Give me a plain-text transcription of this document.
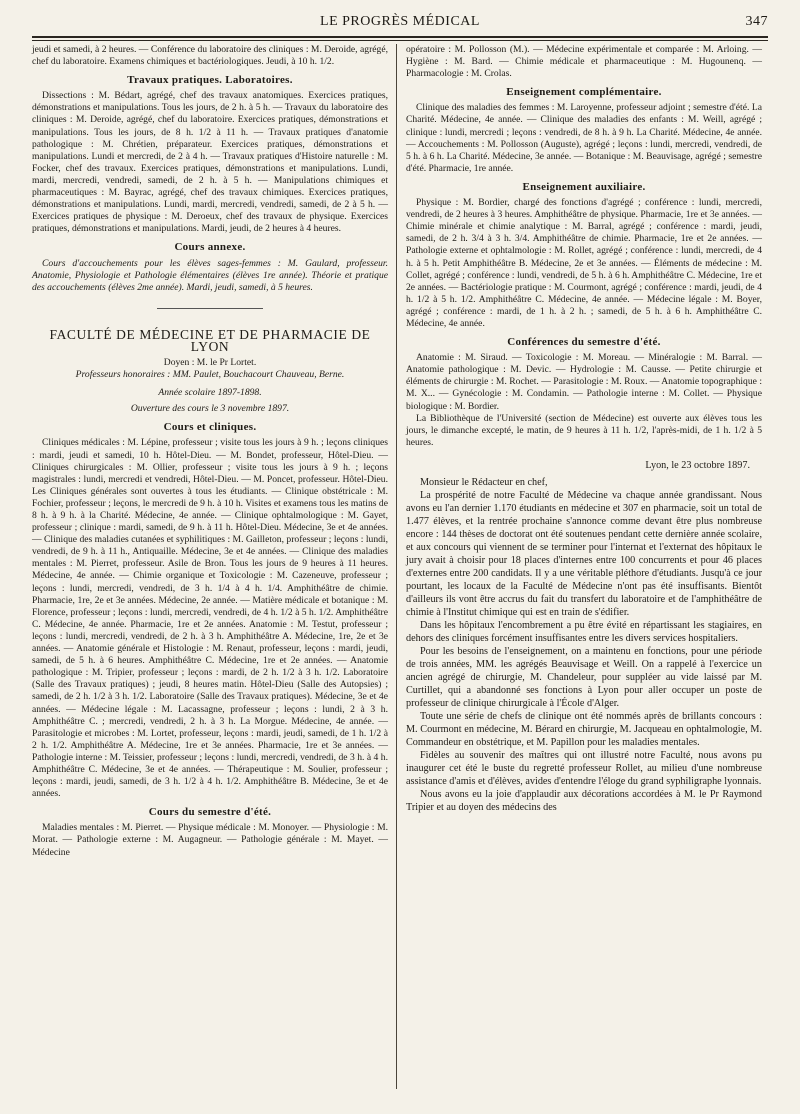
LE PROGRÈS MÉDICAL	347

jeudi et samedi, à 2 heures. — Conférence du laboratoire des cliniques : M. Deroide, agrégé, chef du laboratoire. Examens chimiques et bactériologiques. Jeudi, à 10 h. 1/2.

Travaux pratiques. Laboratoires.

Dissections : M. Bédart, agrégé, chef des travaux anatomiques. Exercices pratiques, démonstrations et manipulations. Tous les jours, de 2 h. à 5 h. — Travaux du laboratoire des cliniques : M. Deroide, agrégé, chef du laboratoire. Exercices pratiques, démonstrations et manipulations. Tous les jours, de 8 h. 1/2 à 11 h. — Travaux pratiques d'anatomie pathologique : M. Chrétien, préparateur. Exercices pratiques, démonstrations et manipulations. Lundi et mercredi, de 2 à 4 h. — Travaux pratiques d'Histoire naturelle : M. Focker, chef des travaux. Exercices pratiques, démonstrations et manipulations. Lundi, mardi, mercredi, vendredi, samedi, de 2 h. à 5 h. — Manipulations chimiques et pharmaceutiques : M. Bayrac, agrégé, chef des travaux chimiques. Exercices pratiques, démonstrations et manipulations. Lundi, mardi, mercredi, vendredi, samedi, de 2 à 5 h. — Exercices pratiques de physique : M. Deroeux, chef des travaux de physique. Exercices pratiques, démonstrations et manipulations. Mardi, jeudi, de 2 heures à 4 heures.

Cours annexe.

Cours d'accouchements pour les élèves sages-femmes : M. Gaulard, professeur. Anatomie, Physiologie et Pathologie élémentaires (élèves 1re année). Théorie et pratique des accouchements (élèves 2me année). Mardi, jeudi, samedi, à 5 heures.

FACULTÉ DE MÉDECINE ET DE PHARMACIE DE LYON

Doyen : M. le Pr Lortet.

Professeurs honoraires : MM. Paulet, Bouchacourt Chauveau, Berne.

Année scolaire 1897-1898.

Ouverture des cours le 3 novembre 1897.

Cours et cliniques.

Cliniques médicales : M. Lépine, professeur ; visite tous les jours à 9 h. ; leçons cliniques : mardi, jeudi et samedi, 10 h. Hôtel-Dieu. — M. Bondet, professeur, Hôtel-Dieu. — Cliniques chirurgicales : M. Ollier, professeur ; visite tous les jours à 9 h. ; leçons magistrales : lundi, mercredi et vendredi, Hôtel-Dieu. — M. Poncet, professeur. Hôtel-Dieu. Les Cliniques générales sont ouvertes à tous les étudiants. — Clinique obstétricale : M. Fochier, professeur ; leçons, le mercredi de 9 h. à 10 h. Visites et examens tous les matins de 8 h. à 9 h. à la Charité. Médecine, 4e année. — Clinique ophtalmologique : M. Gayet, professeur ; clinique : mardi, samedi, de 9 h. à 11 h. Hôtel-Dieu. Médecine, 3e et 4e années. — Clinique des maladies cutanées et syphilitiques : M. Gailleton, professeur ; leçons : lundi, vendredi, de 9 h. à 11 h., Antiquaille. Médecine, 3e et 4e années. — Clinique des maladies mentales : M. Pierret, professeur. Asile de Bron. Tous les jours de 9 heures à 11 heures. Médecine, 4e année. — Chimie organique et Toxicologie : M. Cazeneuve, professeur ; leçons : lundi, mercredi, vendredi, de 3 h. 1/4 à 4 h. 1/4. Amphithéâtre de chimie. Pharmacie, 1re, 2e et 3e années. Médecine, 2e année. — Matière médicale et botanique : M. Florence, professeur ; leçons : lundi, mercredi, vendredi, de 4 h. 1/2 à 5 h. 1/2. Amphithéâtre C. Médecine, 4e année. Pharmacie, 1re et 2e années. Anatomie : M. Testut, professeur ; leçons : lundi, mercredi, vendredi, de 2 h. à 3 h. Amphithéâtre A. Médecine, 1re, 2e et 3e années. — Anatomie générale et Histologie : M. Renaut, professeur, leçons : mardi, jeudi, samedi, de 5 h. à 6 heures. Amphithéâtre C. Médecine, 1re et 2e années. — Anatomie pathologique : M. Tripier, professeur ; leçons : mardi, de 2 h. 1/2 à 3 h. 1/2. Laboratoire (Salle des Travaux pratiques) ; jeudi, 8 heures matin. Hôtel-Dieu (Salle des Autopsies) ; samedi, de 2 h. 1/2 à 3 h. 1/2. Laboratoire (Salle des Travaux pratiques). Médecine, 3e et 4e années. — Médecine légale : M. Lacassagne, professeur ; leçons : lundi, 2 à 3 h. Amphithéâtre C. ; mercredi, vendredi, 2 h. à 3 h. La Morgue. Médecine, 4e année. — Parasitologie et microbes : M. Lortet, professeur, leçons : mardi, jeudi, samedi, de 1 h. 1/2 à 2 h. 1/2. Amphithéâtre A. Médecine, 1re et 3e années. Pharmacie, 1re et 3e années. — Pathologie interne : M. Teissier, professeur ; leçons : lundi, mercredi, vendredi, de 3 h. à 4 h. Amphithéâtre C. Médecine, 3e et 4e années. — Thérapeutique : M. Soulier, professeur ; leçons : mardi, jeudi, samedi, de 3 h. 1/2 à 4 h. 1/2. Amphithéâtre B. Médecine, 3e et 4e années.

Cours du semestre d'été.

Maladies mentales : M. Pierret. — Physique médicale : M. Monoyer. — Physiologie : M. Morat. — Pathologie externe : M. Augagneur. — Pathologie générale : M. Mayet. — Médecine

opératoire : M. Pollosson (M.). — Médecine expérimentale et comparée : M. Arloing. — Hygiène : M. Bard. — Chimie médicale et pharmaceutique : M. Hugounenq. — Pharmacologie : M. Crolas.

Enseignement complémentaire.

Clinique des maladies des femmes : M. Laroyenne, professeur adjoint ; semestre d'été. La Charité. Médecine, 4e année. — Clinique des maladies des enfants : M. Weill, agrégé ; clinique : lundi, mercredi ; leçons : vendredi, de 8 h. à 9 h. La Charité. Médecine, 4e année. — Accouchements : M. Pollosson (Auguste), agrégé ; leçons : lundi, mercredi, vendredi, de 5 h. à 6 h. La Charité. Médecine, 3e année. — Botanique : M. Beauvisage, agrégé ; semestre d'été. Pharmacie, 1re année.

Enseignement auxiliaire.

Physique : M. Bordier, chargé des fonctions d'agrégé ; conférence : lundi, mercredi, vendredi, de 2 heures à 3 heures. Amphithéâtre de physique. Pharmacie, 1re et 3e années. — Chimie minérale et chimie analytique : M. Barral, agrégé ; conférence : mardi, jeudi, samedi, de 2 h. 3/4 à 3 h. 3/4. Amphithéâtre de chimie. Pharmacie, 1re et 2e années. — Pathologie externe et ophtalmologie : M. Rollet, agrégé ; conférence : lundi, mercredi, de 4 h. à 5 h. Petit Amphithéâtre B. Médecine, 2e et 3e années. — Éléments de médecine : M. Collet, agrégé ; conférence : lundi, vendredi, de 5 h. à 6 h. Amphithéâtre C. Médecine, 1re et 2e années. — Bactériologie pratique : M. Courmont, agrégé ; conférence : mardi, jeudi, de 4 h. 1/2 à 5 h. 1/2. Amphithéâtre C. Médecine, 4e année. — Médecine légale : M. Boyer, agrégé ; conférence : mardi, de 1 h. à 2 h. ; samedi, de 5 h. à 6 h. Amphithéâtre C. Médecine, 4e année.

Conférences du semestre d'été.

Anatomie : M. Siraud. — Toxicologie : M. Moreau. — Minéralogie : M. Barral. — Anatomie pathologique : M. Devic. — Hydrologie : M. Causse. — Petite chirurgie et éléments de chirurgie : M. Rochet. — Parasitologie : M. Roux. — Anatomie topographique : M. X... — Gynécologie : M. Condamin. — Pathologie interne : M. Collet. — Physique biologique : M. Bordier.

La Bibliothèque de l'Université (section de Médecine) est ouverte aux élèves tous les jours, le dimanche excepté, le matin, de 9 heures à 11 h. 1/2, l'après-midi, de 1 h. 1/2 à 5 heures.

Lyon, le 23 octobre 1897.

Monsieur le Rédacteur en chef,

La prospérité de notre Faculté de Médecine va chaque année grandissant. Nous avons eu l'an dernier 1.170 étudiants en médecine et 307 en pharmacie, soit un total de 1.477 élèves, et la rentrée prochaine s'annonce comme devant être plus nombreuse encore : 144 thèses de doctorat ont été soutenues pendant cette dernière année scolaire, et aux concours qui viennent de se terminer pour l'internat et l'externat des hôpitaux le jury avait à choisir pour 18 places d'internes entre 100 concurrents et pour 46 places d'externes entre 200 candidats. Il y a une véritable pléthore d'étudiants. Jusqu'à ce jour pourtant, les locaux de la Faculté de Médecine n'ont pas été insuffisants. Bientôt d'ailleurs ils vont être accrus du fait du transfert du laboratoire et de l'amphithéâtre de chimie à l'Institut chimique qui est en train de s'édifier.

Dans les hôpitaux l'encombrement a pu être évité en répartissant les stagiaires, en dehors des cliniques forcément insuffisantes entre les divers services hospitaliers.

Pour les besoins de l'enseignement, on a maintenu en fonctions, pour une période de trois années, MM. les agrégés Beauvisage et Weill. On a rappelé à l'exercice un ancien agrégé de chirurgie, M. Chandeleur, pour suppléer au vide laissé par M. Curtillet, qui a abandonné ses fonctions à Lyon pour aller occuper un poste de professeur de clinique chirurgicale à l'École d'Alger.

Toute une série de chefs de clinique ont été nommés après de brillants concours : M. Courmont en médecine, M. Bérard en chirurgie, M. Jacqueau en ophtalmologie, M. Commandeur en obstétrique, et M. Papillon pour les maladies mentales.

Fidèles au souvenir des maîtres qui ont illustré notre Faculté, nous avons pu inaugurer cet été le buste du regretté professeur Rollet, au milieu d'une nombreuse assistance d'amis et d'élèves, avides d'entendre l'éloge du grand syphiligraphe lyonnais.

Nous avons eu la joie d'applaudir aux décorations accordées à M. le Pr Raymond Tripier et au doyen des médecins des
